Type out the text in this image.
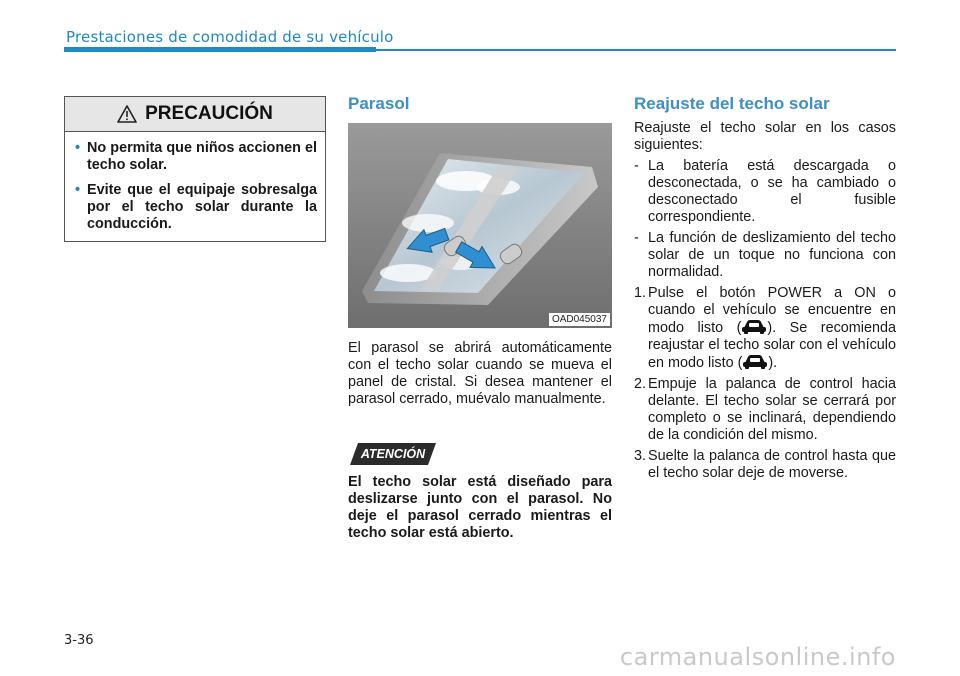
Prestaciones de comodidad de su vehículo
PRECAUCIÓN
• No permita que niños accionen el techo solar.
• Evite que el equipaje sobresalga por el techo solar durante la conducción.
Parasol
OAD045037

El parasol se abrirá automáticamente con el techo solar cuando se mueva el panel de cristal. Si desea mantener el parasol cerrado, muévalo manualmente.

ATENCIÓN

El techo solar está diseñado para deslizarse junto con el parasol. No deje el parasol cerrado mientras el techo solar está abierto.

Reajuste del techo solar

Reajuste el techo solar en los casos siguientes:

- La batería está descargada o desconectada, o se ha cambiado o desconectado el fusible correspondiente.
- La función de deslizamiento del techo solar de un toque no funciona con normalidad.
1. Pulse el botón POWER a ON o cuando el vehículo se encuentre en modo listo ( ). Se recomienda reajustar el techo solar con el vehículo en modo listo ( ).
2. Empuje la palanca de control hacia delante. El techo solar se cerrará por completo o se inclinará, dependiendo de la condición del mismo.
3. Suelte la palanca de control hasta que el techo solar deje de moverse.
3-36
carmanualsonline.info
